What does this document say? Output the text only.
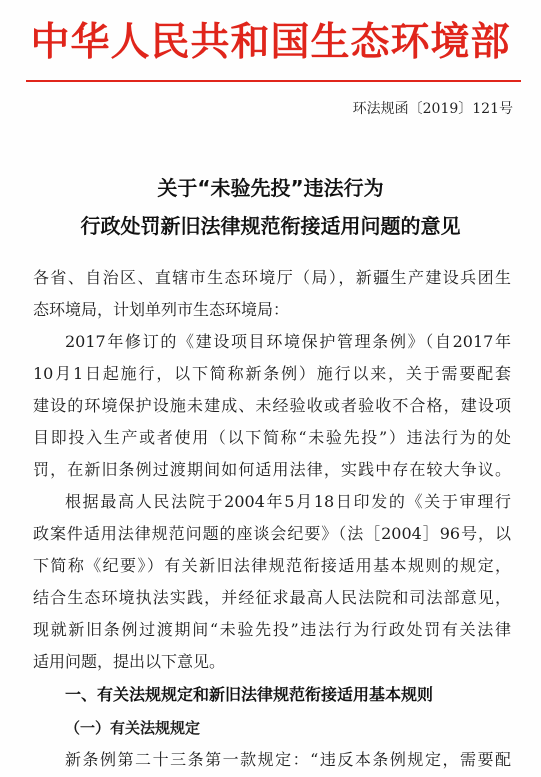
中华人民共和国生态环境部
环法规函〔2019〕121号
关于“未验先投”违法行为
行政处罚新旧法律规范衔接适用问题的意见
各省、自治区、直辖市生态环境厅（局），新疆生产建设兵团生
态环境局，计划单列市生态环境局：
2017年修订的《建设项目环境保护管理条例》（自2017年
10月1日起施行，以下简称新条例）施行以来，关于需要配套
建设的环境保护设施未建成、未经验收或者验收不合格，建设项
目即投入生产或者使用（以下简称“未验先投”）违法行为的处
罚，在新旧条例过渡期间如何适用法律，实践中存在较大争议。
根据最高人民法院于2004年5月18日印发的《关于审理行
政案件适用法律规范问题的座谈会纪要》（法［2004］96号，以
下简称《纪要》）有关新旧法律规范衔接适用基本规则的规定，
结合生态环境执法实践，并经征求最高人民法院和司法部意见，
现就新旧条例过渡期间“未验先投”违法行为行政处罚有关法律
适用问题，提出以下意见。
一、有关法规规定和新旧法律规范衔接适用基本规则
（一）有关法规规定
新条例第二十三条第一款规定：“违反本条例规定，需要配
